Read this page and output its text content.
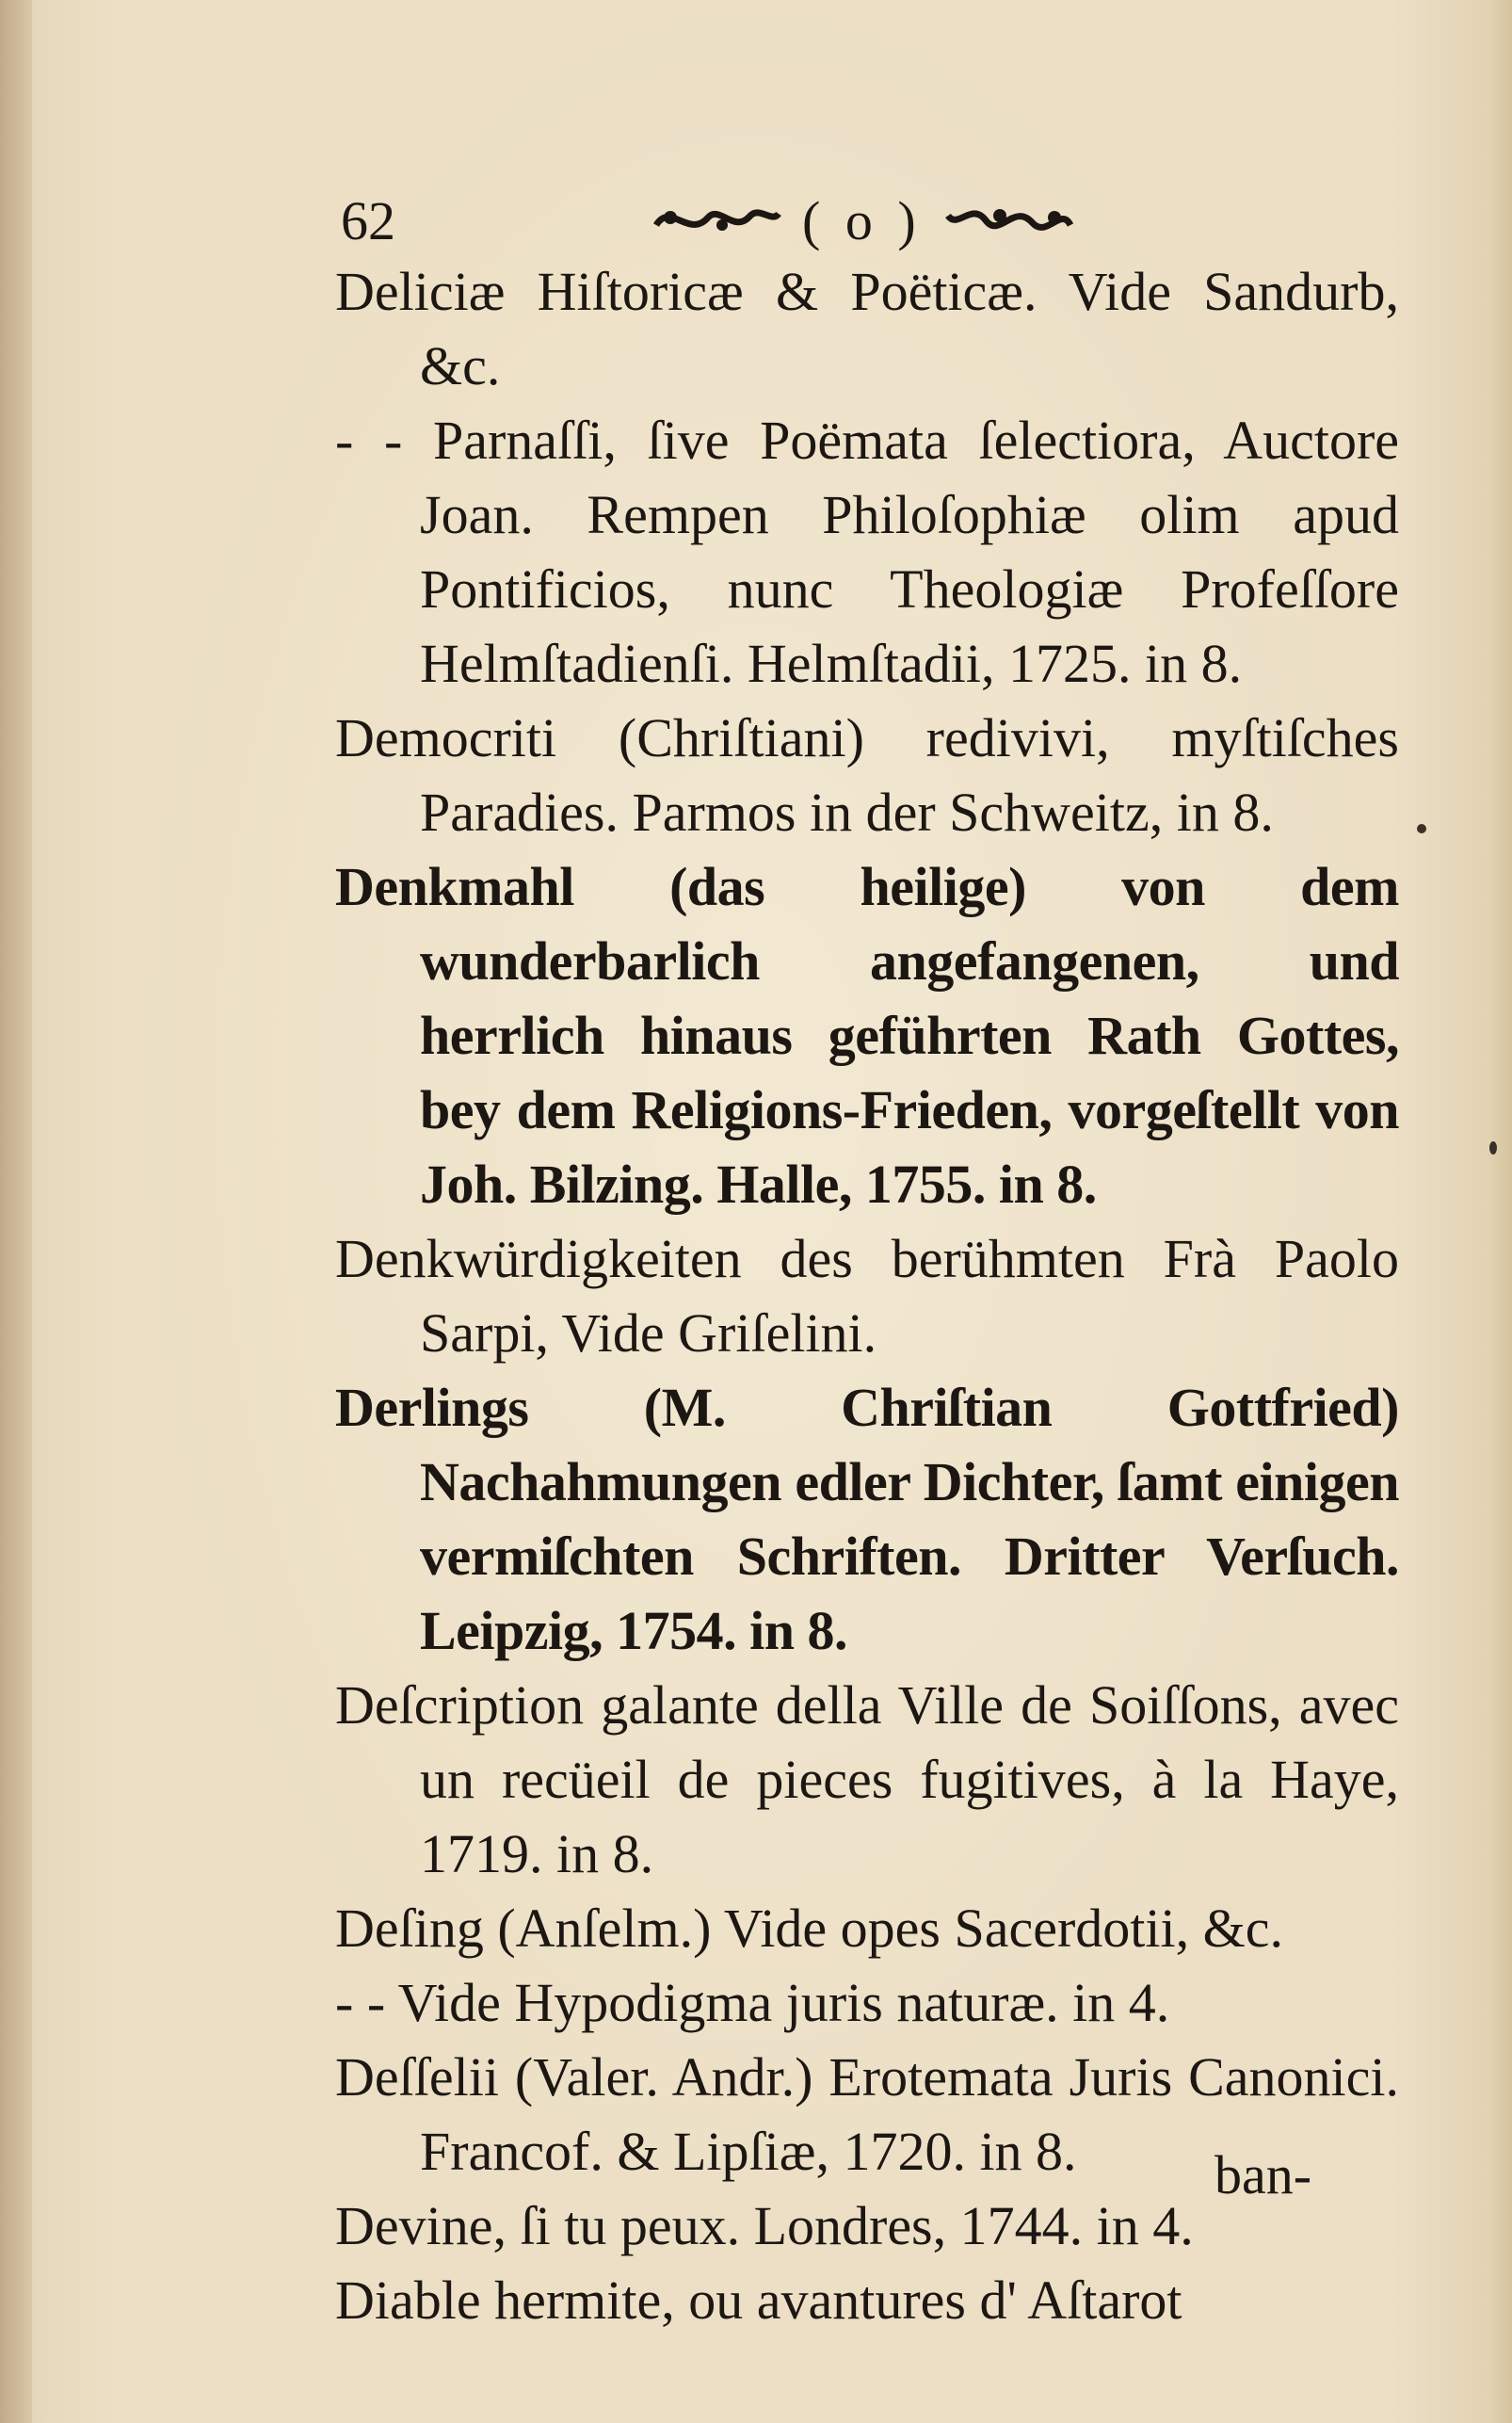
62	( o )
Deliciæ Hiſtoricæ & Poëticæ. Vide Sandurb, &c.
- - Parnaſſi, ſive Poëmata ſelectiora, Auctore Joan. Rempen Philoſophiæ olim apud Pontificios, nunc Theologiæ Profeſſore Helmſtadienſi. Helmſtadii, 1725. in 8.
Democriti (Chriſtiani) redivivi, myſtiſches Paradies. Parmos in der Schweitz, in 8.
Denkmahl (das heilige) von dem wunderbarlich angefangenen, und herrlich hinaus geführten Rath Gottes, bey dem Religions-Frieden, vorgeſtellt von Joh. Bilzing. Halle, 1755. in 8.
Denkwürdigkeiten des berühmten Frà Paolo Sarpi, Vide Griſelini.
Derlings (M. Chriſtian Gottfried) Nachahmungen edler Dichter, ſamt einigen vermiſchten Schriften. Dritter Verſuch. Leipzig, 1754. in 8.
Deſcription galante della Ville de Soiſſons, avec un recüeil de pieces fugitives, à la Haye, 1719. in 8.
Deſing (Anſelm.) Vide opes Sacerdotii, &c.
- - Vide Hypodigma juris naturæ. in 4.
Deſſelii (Valer. Andr.) Erotemata Juris Canonici. Francof. & Lipſiæ, 1720. in 8.
Devine, ſi tu peux. Londres, 1744. in 4.
Diable hermite, ou avantures d' Aſtarot
ban-
